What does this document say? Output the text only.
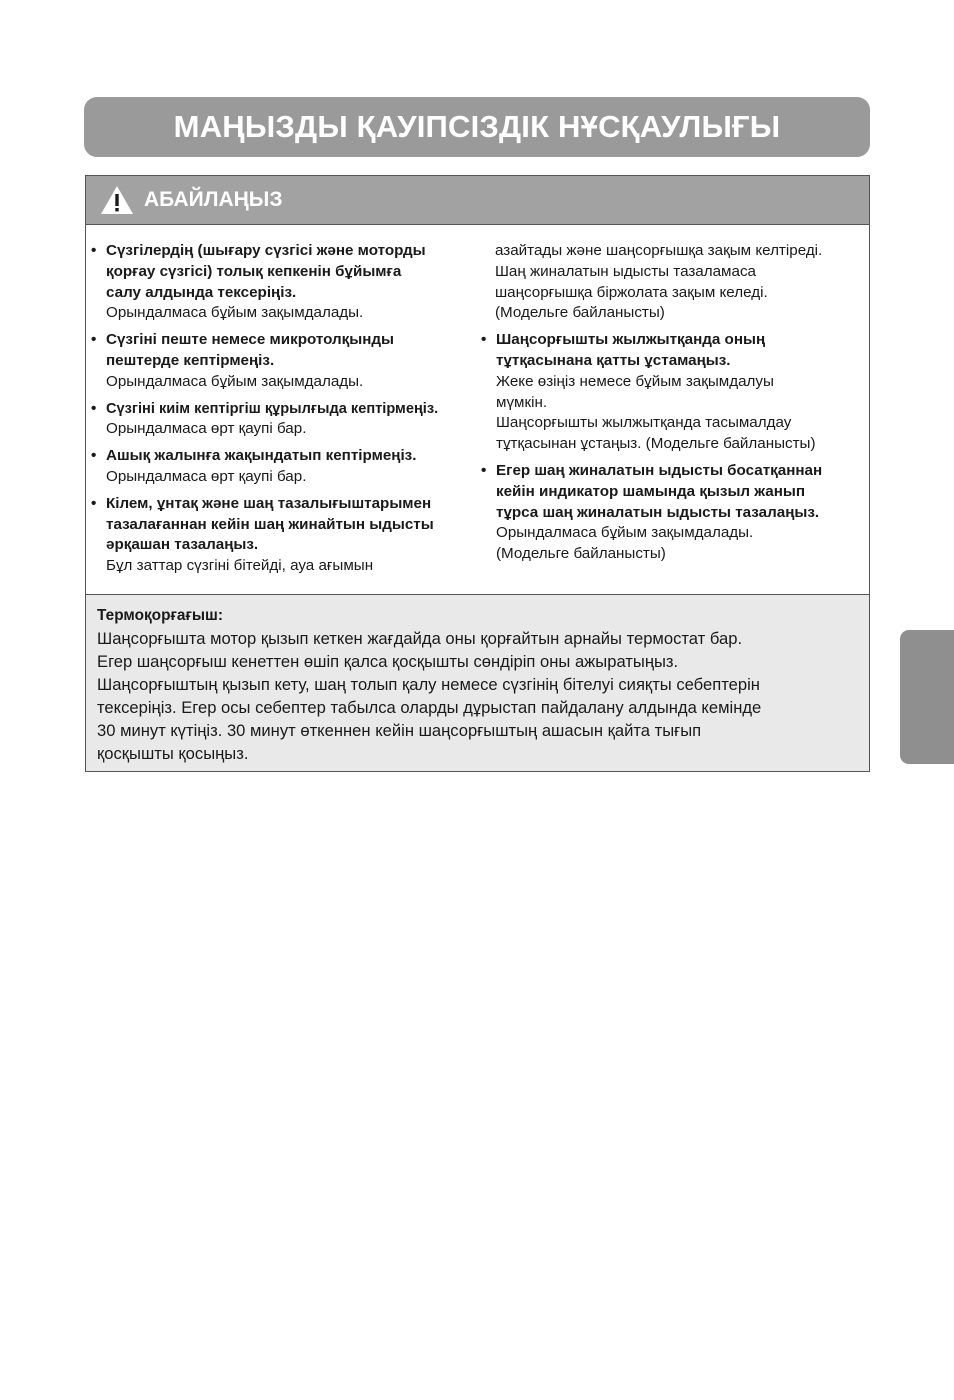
МАҢЫЗДЫ ҚАУІПСІЗДІК НҰСҚАУЛЫҒЫ
АБАЙЛАҢЫЗ
• Сүзгілердің (шығару сүзгісі және моторды
қорғау сүзгісі) толық кепкенін бұйымға
салу алдында тексеріңіз.
Орындалмаса бұйым зақымдалады.
• Сүзгіні пеште немесе микротолқынды
пештерде кептірмеңіз.
Орындалмаса бұйым зақымдалады.
• Сүзгіні киім кептіргіш құрылғыда кептірмеңіз.
Орындалмаса өрт қаупі бар.
• Ашық жалынға жақындатып кептірмеңіз.
Орындалмаса өрт қаупі бар.
• Кілем, ұнтақ және шаң тазалығыштарымен
тазалағаннан кейін шаң жинайтын ыдысты
әрқашан тазалаңыз.
Бұл заттар сүзгіні бітейді, ауа ағымын
азайтады және шаңсорғышқа зақым келтіреді.
Шаң жиналатын ыдысты тазаламаса
шаңсорғышқа біржолата зақым келеді.
(Модельге байланысты)
• Шаңсорғышты жылжытқанда оның
тұтқасынана қатты ұстамаңыз.
Жеке өзіңіз немесе бұйым зақымдалуы
мүмкін.
Шаңсорғышты жылжытқанда тасымалдау
тұтқасынан ұстаңыз. (Модельге байланысты)
• Егер шаң жиналатын ыдысты босатқаннан
кейін индикатор шамында қызыл жанып
тұрса шаң жиналатын ыдысты тазалаңыз.
Орындалмаса бұйым зақымдалады.
(Модельге байланысты)
Термоқорғағыш:
Шаңсорғышта мотор қызып кеткен жағдайда оны қорғайтын арнайы термостат бар.
Егер шаңсорғыш кенеттен өшіп қалса қосқышты сөндіріп оны ажыратыңыз.
Шаңсорғыштың қызып кету, шаң толып қалу немесе сүзгінің бітелуі сияқты себептерін
тексеріңіз. Егер осы себептер табылса оларды дұрыстап пайдалану алдында кемінде
30 минут күтіңіз. 30 минут өткеннен кейін шаңсорғыштың ашасын қайта тығып
қосқышты қосыңыз.
